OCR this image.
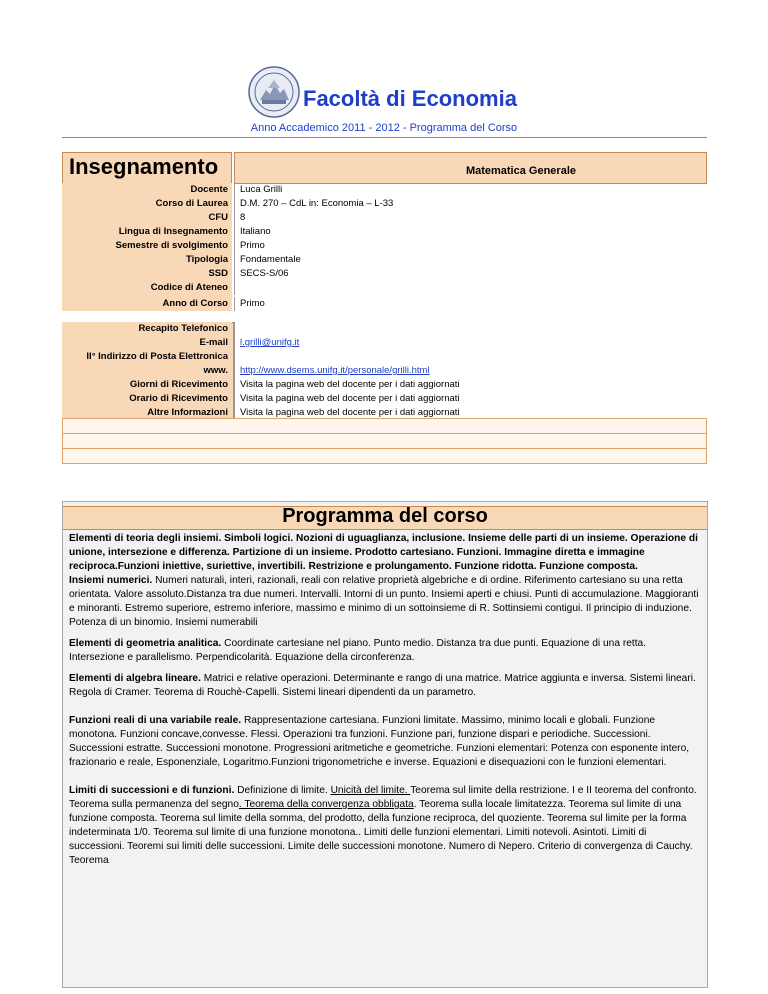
Facoltà di Economia
Anno Accademico 2011 - 2012 - Programma del Corso
Insegnamento	Matematica Generale
Docente	Luca Grilli
Corso di Laurea	D.M. 270 – CdL in: Economia – L-33
CFU	8
Lingua di Insegnamento	Italiano
Semestre di svolgimento	Primo
Tipologia	Fondamentale
SSD	SECS-S/06
Codice di Ateneo
Anno di Corso	Primo
Recapito Telefonico
E-mail	l.grilli@unifg.it
II° Indirizzo di Posta Elettronica
www.	http://www.dsems.unifg.it/personale/grilli.html
Giorni di Ricevimento	Visita la pagina web del docente per i dati aggiornati
Orario di Ricevimento	Visita la pagina web del docente per i dati aggiornati
Altre Informazioni	Visita la pagina web del docente per i dati aggiornati
Programma del corso

Elementi di teoria degli insiemi. Simboli logici. Nozioni di uguaglianza, inclusione. Insieme delle parti di un insieme. Operazione di unione, intersezione e differenza. Partizione di un insieme. Prodotto cartesiano. Funzioni. Immagine diretta e immagine reciproca.Funzioni iniettive, suriettive, invertibili. Restrizione e prolungamento. Funzione ridotta. Funzione composta.
Insiemi numerici. Numeri naturali, interi, razionali, reali con relative proprietà algebriche e di ordine. Riferimento cartesiano su una retta orientata. Valore assoluto.Distanza tra due numeri. Intervalli. Intorni di un punto. Insiemi aperti e chiusi. Punti di accumulazione. Maggioranti e minoranti. Estremo superiore, estremo inferiore, massimo e minimo di un sottoinsieme di R. Sottinsiemi contigui. Il principio di induzione. Potenza di un binomio. Insiemi numerabili

Elementi di geometria analitica. Coordinate cartesiane nel piano. Punto medio. Distanza tra due punti. Equazione di una retta. Intersezione e parallelismo. Perpendicolarità. Equazione della circonferenza.

Elementi di algebra lineare. Matrici e relative operazioni. Determinante e rango di una matrice. Matrice aggiunta e inversa. Sistemi lineari. Regola di Cramer. Teorema di Rouchè-Capelli. Sistemi lineari dipendenti da un parametro.

Funzioni reali di una variabile reale. Rappresentazione cartesiana. Funzioni limitate. Massimo, minimo locali e globali. Funzione monotona. Funzioni concave,convesse. Flessi. Operazioni tra funzioni. Funzione pari, funzione dispari e periodiche. Successioni. Successioni estratte. Successioni monotone. Progressioni aritmetiche e geometriche. Funzioni elementari: Potenza con esponente intero, frazionario e reale, Esponenziale, Logaritmo.Funzioni trigonometriche e inverse. Equazioni e disequazioni con le funzioni elementari.

Limiti di successioni e di funzioni. Definizione di limite. Unicità del limite. Teorema sul limite della restrizione. I e II teorema del confronto. Teorema sulla permanenza del segno. Teorema della convergenza obbligata. Teorema sulla locale limitatezza. Teorema sul limite di una funzione composta. Teorema sul limite della somma, del prodotto, della funzione reciproca, del quoziente. Teorema sul limite per la forma indeterminata 1/0. Teorema sul limite di una funzione monotona.. Limiti delle funzioni elementari. Limiti notevoli. Asintoti. Limiti di successioni. Teoremi sui limiti delle successioni. Limite delle successioni monotone. Numero di Nepero. Criterio di convergenza di Cauchy. Teorema
